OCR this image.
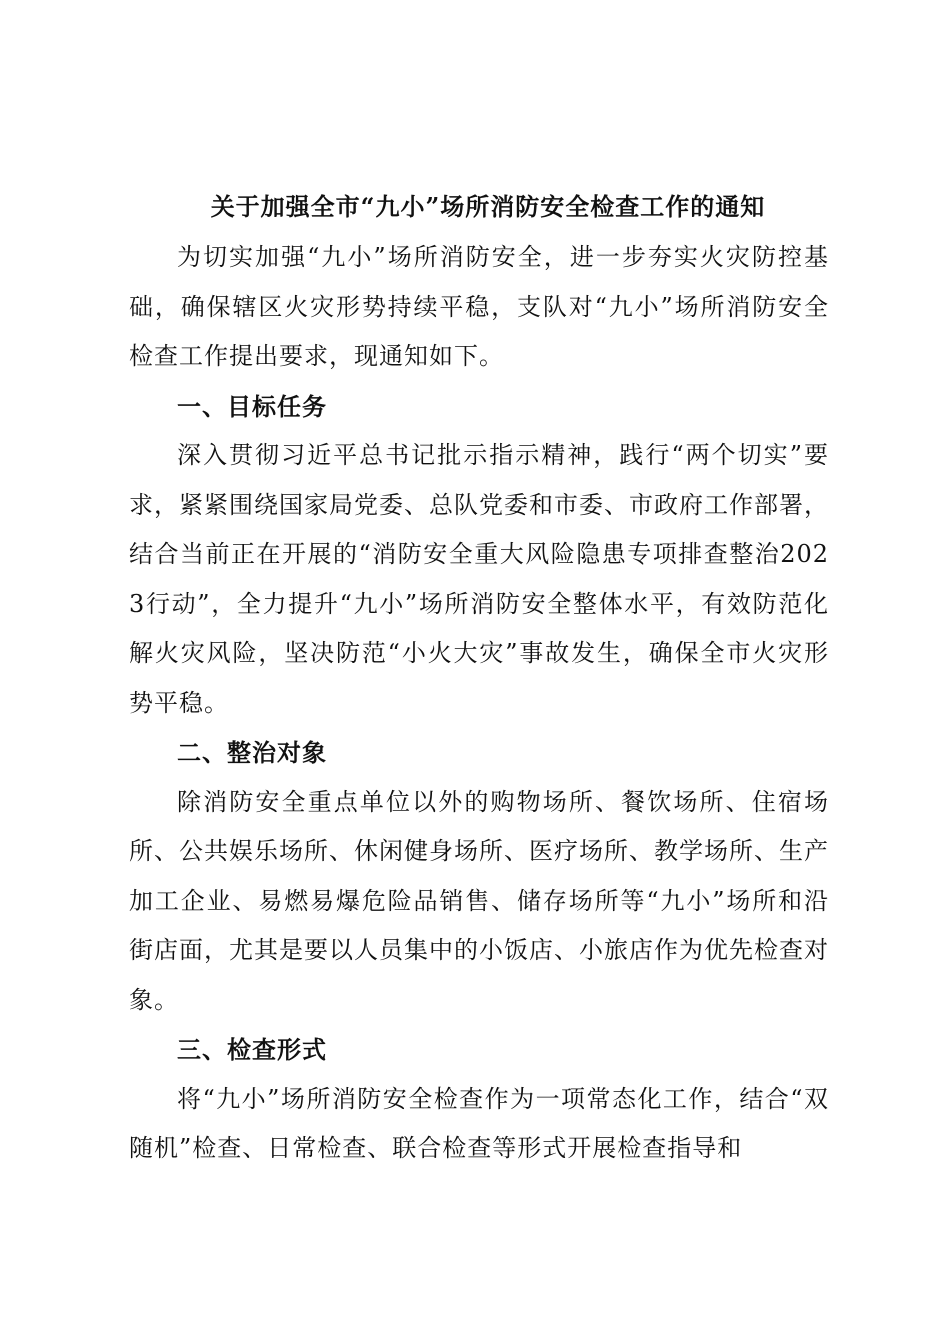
关于加强全市“九小”场所消防安全检查工作的通知

为切实加强“九小”场所消防安全，进一步夯实火灾防控基础，确保辖区火灾形势持续平稳，支队对“九小”场所消防安全检查工作提出要求，现通知如下。

一、目标任务

深入贯彻习近平总书记批示指示精神，践行“两个切实”要求，紧紧围绕国家局党委、总队党委和市委、市政府工作部署，结合当前正在开展的“消防安全重大风险隐患专项排查整治2023行动”，全力提升“九小”场所消防安全整体水平，有效防范化解火灾风险，坚决防范“小火大灾”事故发生，确保全市火灾形势平稳。

二、整治对象

除消防安全重点单位以外的购物场所、餐饮场所、住宿场所、公共娱乐场所、休闲健身场所、医疗场所、教学场所、生产加工企业、易燃易爆危险品销售、储存场所等“九小”场所和沿街店面，尤其是要以人员集中的小饭店、小旅店作为优先检查对象。

三、检查形式

将“九小”场所消防安全检查作为一项常态化工作，结合“双随机”检查、日常检查、联合检查等形式开展检查指导和
